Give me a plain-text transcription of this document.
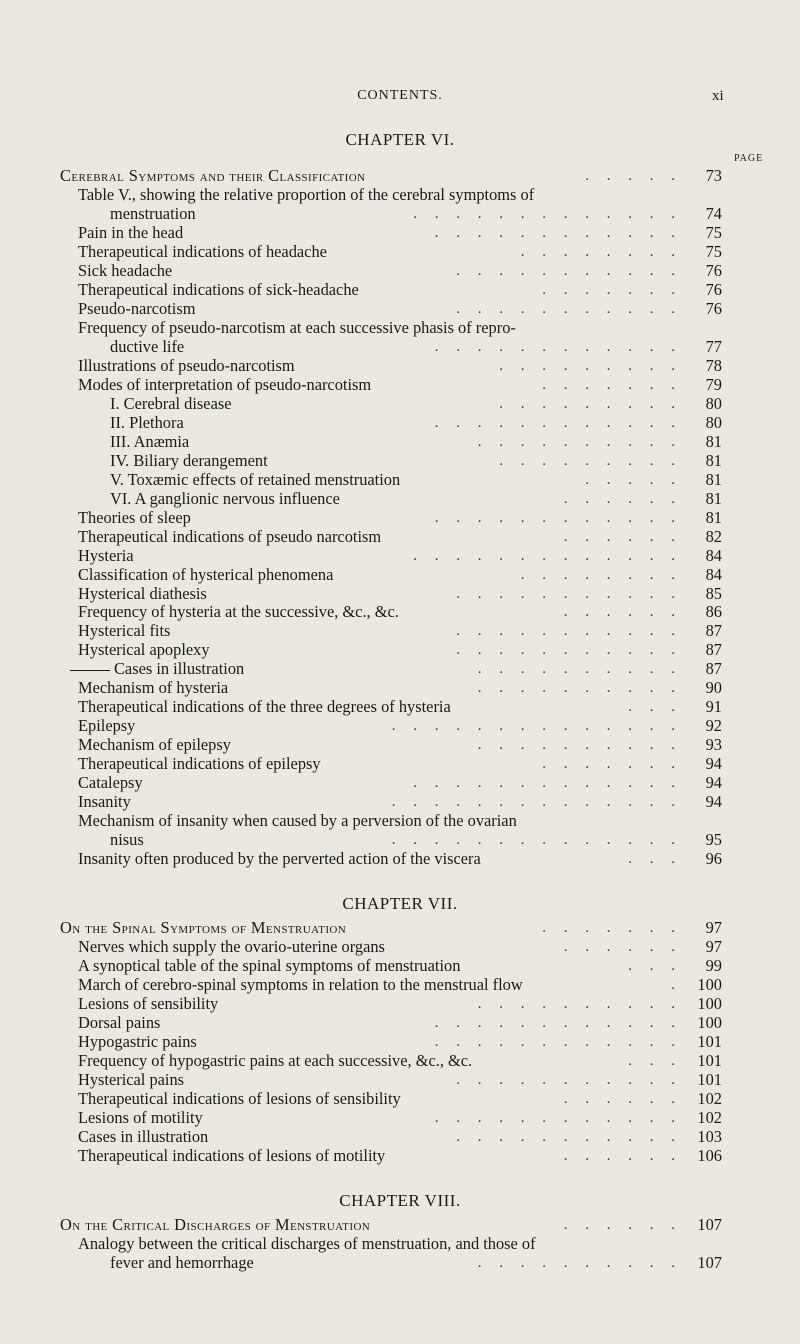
CONTENTS.	xi
CHAPTER VI.
PAGE
Cerebral Symptoms and their Classification	. . . . .	73
Table V., showing the relative proportion of the cerebral symptoms of
menstruation	. . . . . . . . . . . . .	74
Pain in the head	. . . . . . . . . . . .	75
Therapeutical indications of headache	. . . . . . . .	75
Sick headache	. . . . . . . . . . .	76
Therapeutical indications of sick-headache	. . . . . . .	76
Pseudo-narcotism	. . . . . . . . . . .	76
Frequency of pseudo-narcotism at each successive phasis of repro-
ductive life	. . . . . . . . . . . .	77
Illustrations of pseudo-narcotism	. . . . . . . . .	78
Modes of interpretation of pseudo-narcotism	. . . . . . .	79
I. Cerebral disease	. . . . . . . . .	80
II. Plethora	. . . . . . . . . . . .	80
III. Anæmia	. . . . . . . . . .	81
IV. Biliary derangement	. . . . . . . . .	81
V. Toxæmic effects of retained menstruation	. . . . .	81
VI. A ganglionic nervous influence	. . . . . .	81
Theories of sleep	. . . . . . . . . . . .	81
Therapeutical indications of pseudo narcotism	. . . . . .	82
Hysteria	. . . . . . . . . . . . .	84
Classification of hysterical phenomena	. . . . . . . .	84
Hysterical diathesis	. . . . . . . . . . .	85
Frequency of hysteria at the successive, &c., &c.	. . . . . .	86
Hysterical fits	. . . . . . . . . . .	87
Hysterical apoplexy	. . . . . . . . . . .	87
Cases in illustration	. . . . . . . . . .	87
Mechanism of hysteria	. . . . . . . . . .	90
Therapeutical indications of the three degrees of hysteria	. . .	91
Epilepsy	. . . . . . . . . . . . . .	92
Mechanism of epilepsy	. . . . . . . . . .	93
Therapeutical indications of epilepsy	. . . . . . .	94
Catalepsy	. . . . . . . . . . . . .	94
Insanity	. . . . . . . . . . . . . .	94
Mechanism of insanity when caused by a perversion of the ovarian
nisus	. . . . . . . . . . . . . .	95
Insanity often produced by the perverted action of the viscera	. . .	96
CHAPTER VII.
On the Spinal Symptoms of Menstruation	. . . . . . .	97
Nerves which supply the ovario-uterine organs	. . . . . .	97
A synoptical table of the spinal symptoms of menstruation	. . .	99
March of cerebro-spinal symptoms in relation to the menstrual flow	. 100
Lesions of sensibility	. . . . . . . . . . 100
Dorsal pains	. . . . . . . . . . . . 100
Hypogastric pains	. . . . . . . . . . . . 101
Frequency of hypogastric pains at each successive, &c., &c.	. . . 101
Hysterical pains	. . . . . . . . . . . 101
Therapeutical indications of lesions of sensibility	. . . . . . 102
Lesions of motility	. . . . . . . . . . . . 102
Cases in illustration	. . . . . . . . . . . 103
Therapeutical indications of lesions of motility	. . . . . . 106
CHAPTER VIII.
On the Critical Discharges of Menstruation	. . . . . . 107
Analogy between the critical discharges of menstruation, and those of
fever and hemorrhage	. . . . . . . . . . 107
